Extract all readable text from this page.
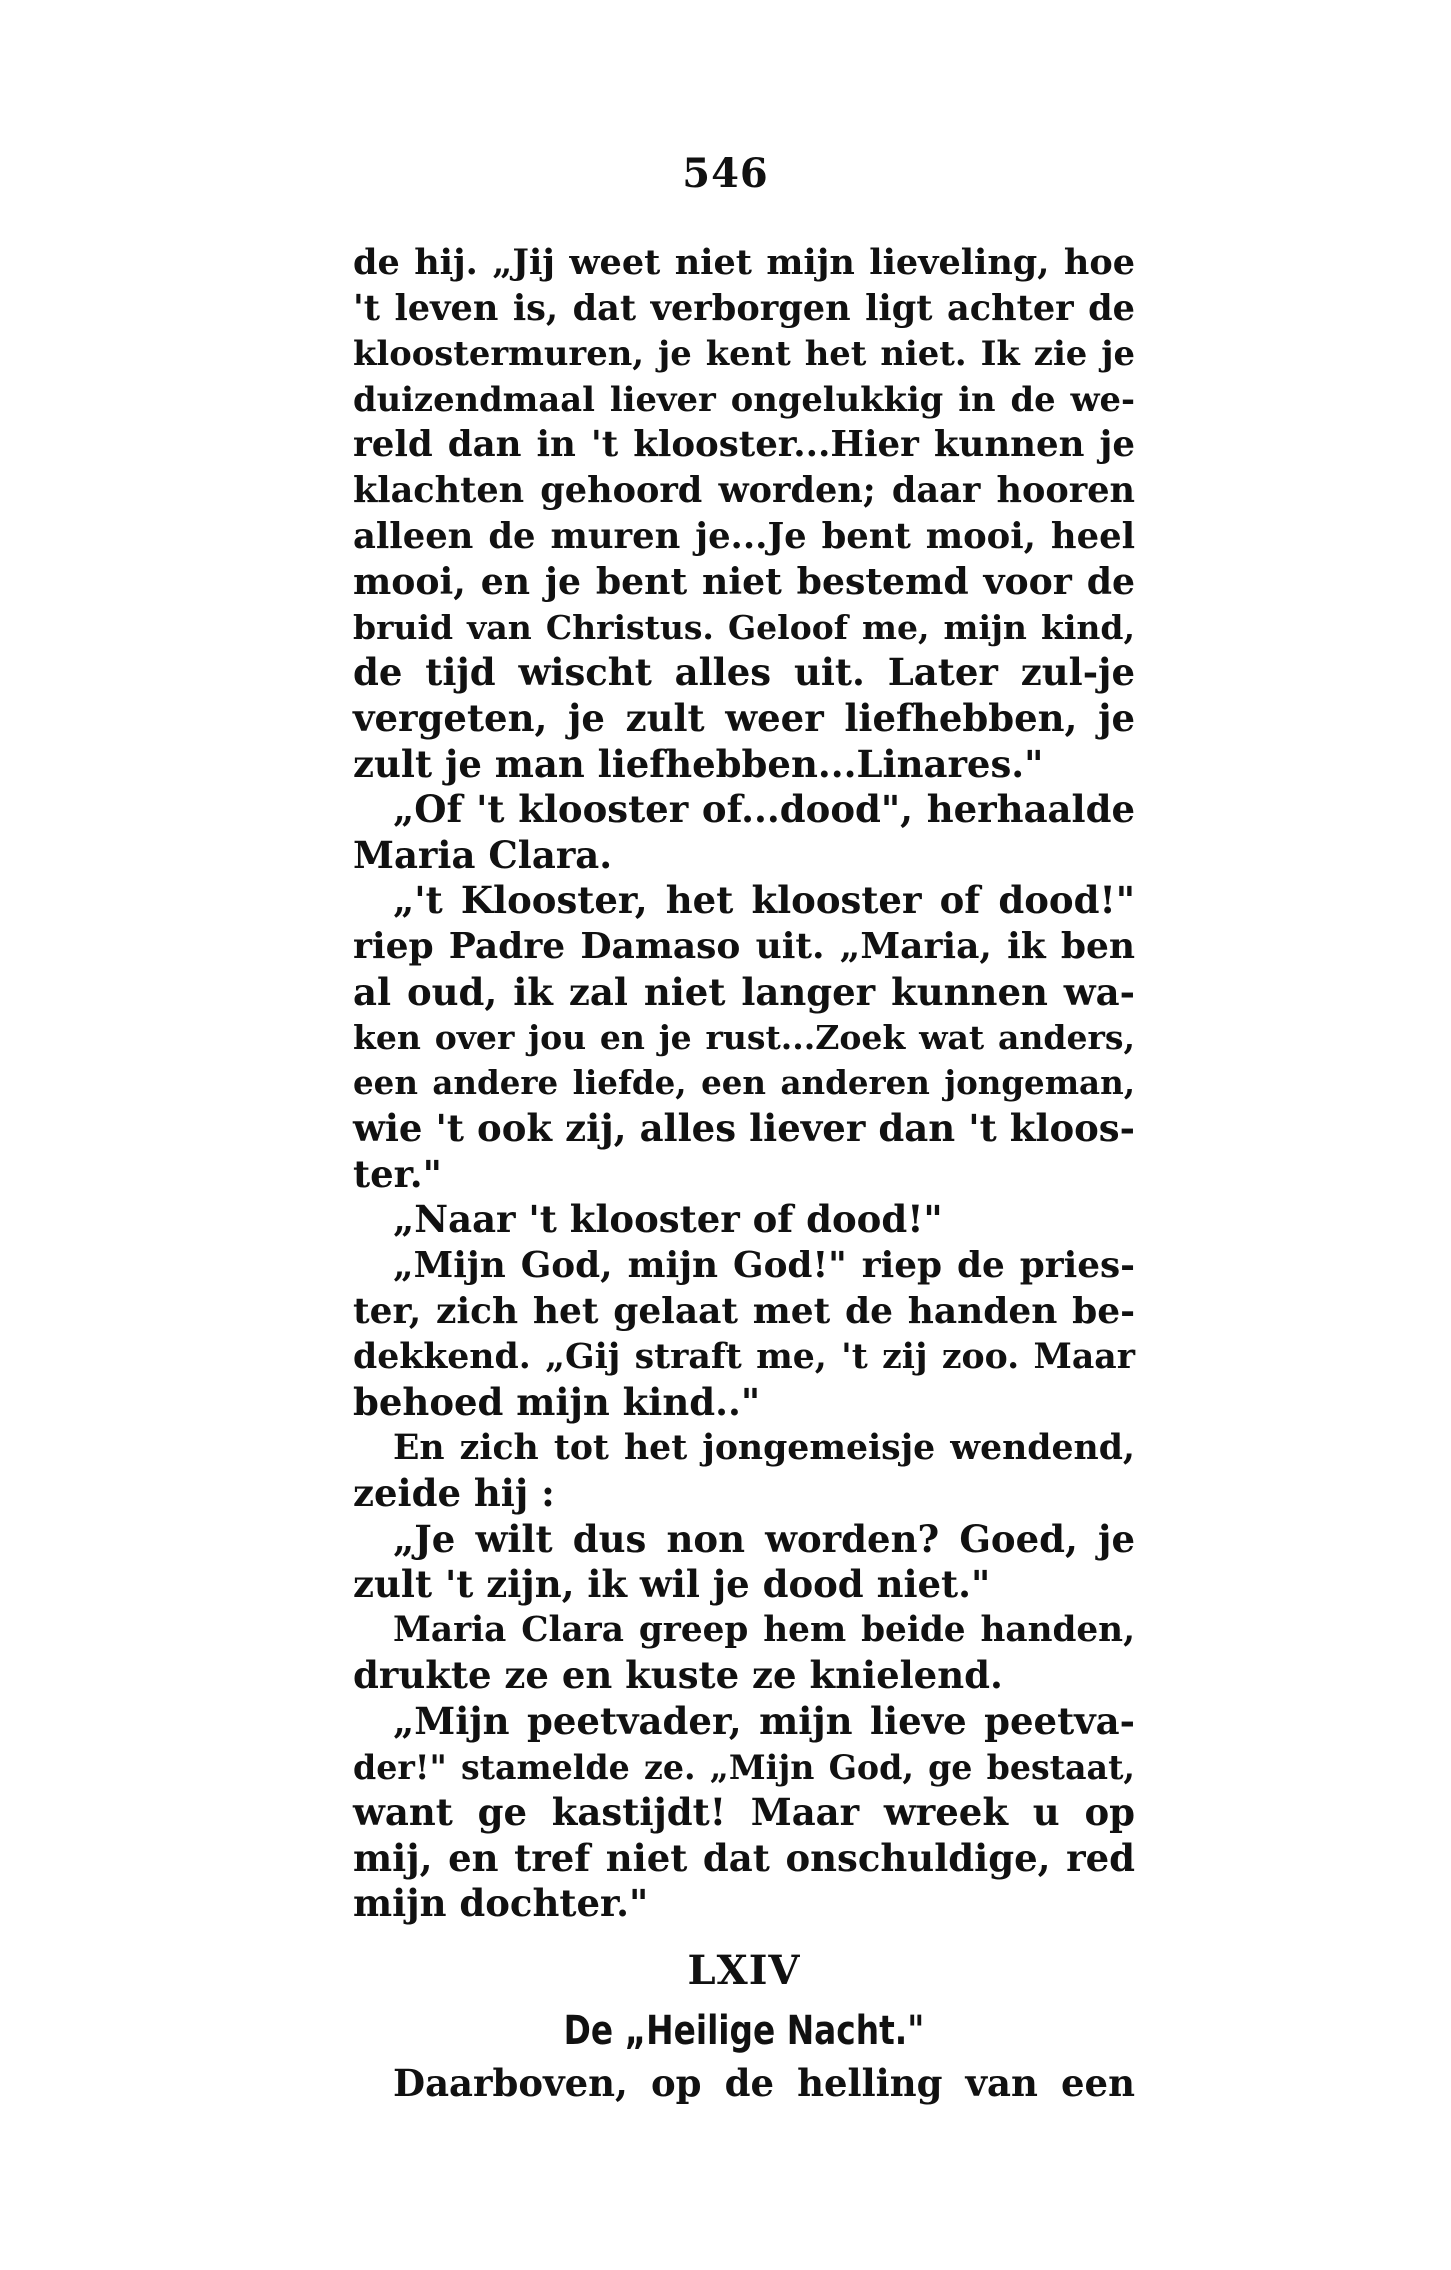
546
de hij. „Jij weet niet mijn lieveling, hoe
't leven is, dat verborgen ligt achter de
kloostermuren, je kent het niet. Ik zie je
duizendmaal liever ongelukkig in de we-
reld dan in 't klooster...Hier kunnen je
klachten gehoord worden; daar hooren
alleen de muren je...Je bent mooi, heel
mooi, en je bent niet bestemd voor de
bruid van Christus. Geloof me, mijn kind,
de tijd wischt alles uit. Later zul-je
vergeten, je zult weer liefhebben, je
zult je man liefhebben...Linares."
„Of 't klooster of...dood", herhaalde
Maria Clara.
„'t Klooster, het klooster of dood!"
riep Padre Damaso uit. „Maria, ik ben
al oud, ik zal niet langer kunnen wa-
ken over jou en je rust...Zoek wat anders,
een andere liefde, een anderen jongeman,
wie 't ook zij, alles liever dan 't kloos-
ter."
„Naar 't klooster of dood!"
„Mijn God, mijn God!" riep de pries-
ter, zich het gelaat met de handen be-
dekkend. „Gij straft me, 't zij zoo. Maar
behoed mijn kind.."
En zich tot het jongemeisje wendend,
zeide hij :
„Je wilt dus non worden? Goed, je
zult 't zijn, ik wil je dood niet."
Maria Clara greep hem beide handen,
drukte ze en kuste ze knielend.
„Mijn peetvader, mijn lieve peetva-
der!" stamelde ze. „Mijn God, ge bestaat,
want ge kastijdt! Maar wreek u op
mij, en tref niet dat onschuldige, red
mijn dochter."
LXIV
De „Heilige Nacht."
Daarboven, op de helling van een
